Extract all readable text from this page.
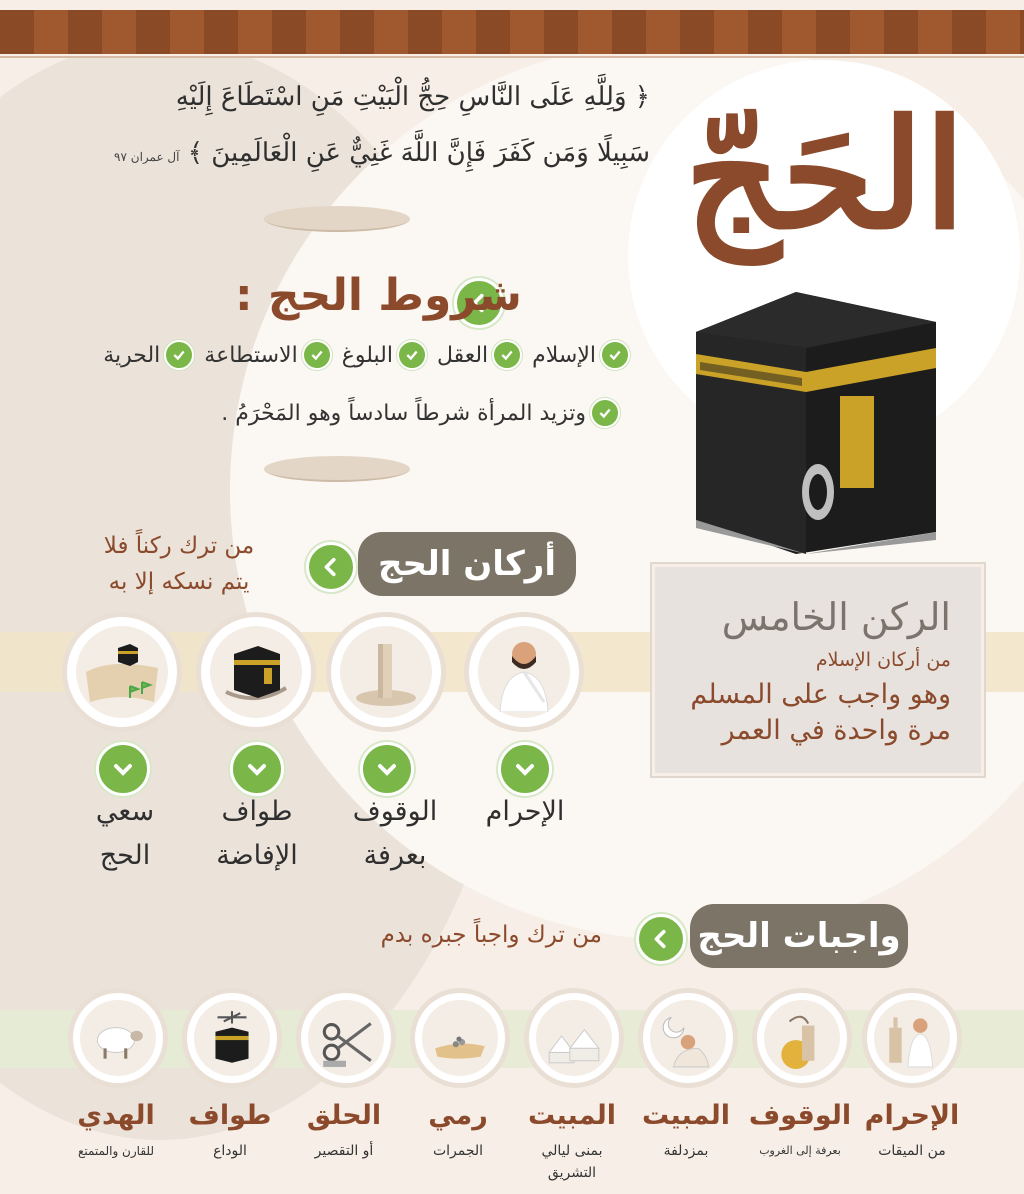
﴿ وَلِلَّهِ عَلَى النَّاسِ حِجُّ الْبَيْتِ مَنِ اسْتَطَاعَ إِلَيْهِ
سَبِيلًا وَمَن كَفَرَ فَإِنَّ اللَّهَ غَنِيٌّ عَنِ الْعَالَمِينَ ﴾ آل عمران ٩٧	الحَجّ
الركن الخامس
من أركان الإسلام
وهو واجب على المسلم
مرة واحدة في العمر
شروط الحج :
الإسلام
العقل
البلوغ
الاستطاعة
الحرية
وتزيد المرأة شرطاً سادساً وهو المَحْرَمُ .
أركان الحج
من ترك ركناً فلا
يتم نسكه إلا به
الإحرام
الوقوف
بعرفة
طواف
الإفاضة
سعي
الحج
واجبات الحج
من ترك واجباً جبره بدم
الإحرام
من الميقات
الوقوف
بعرفة إلى الغروب
المبيت
بمزدلفة
المبيت
بمنى ليالي التشريق
رمي
الجمرات
الحلق
أو التقصير
طواف
الوداع
الهدي
للقارن والمتمتع
